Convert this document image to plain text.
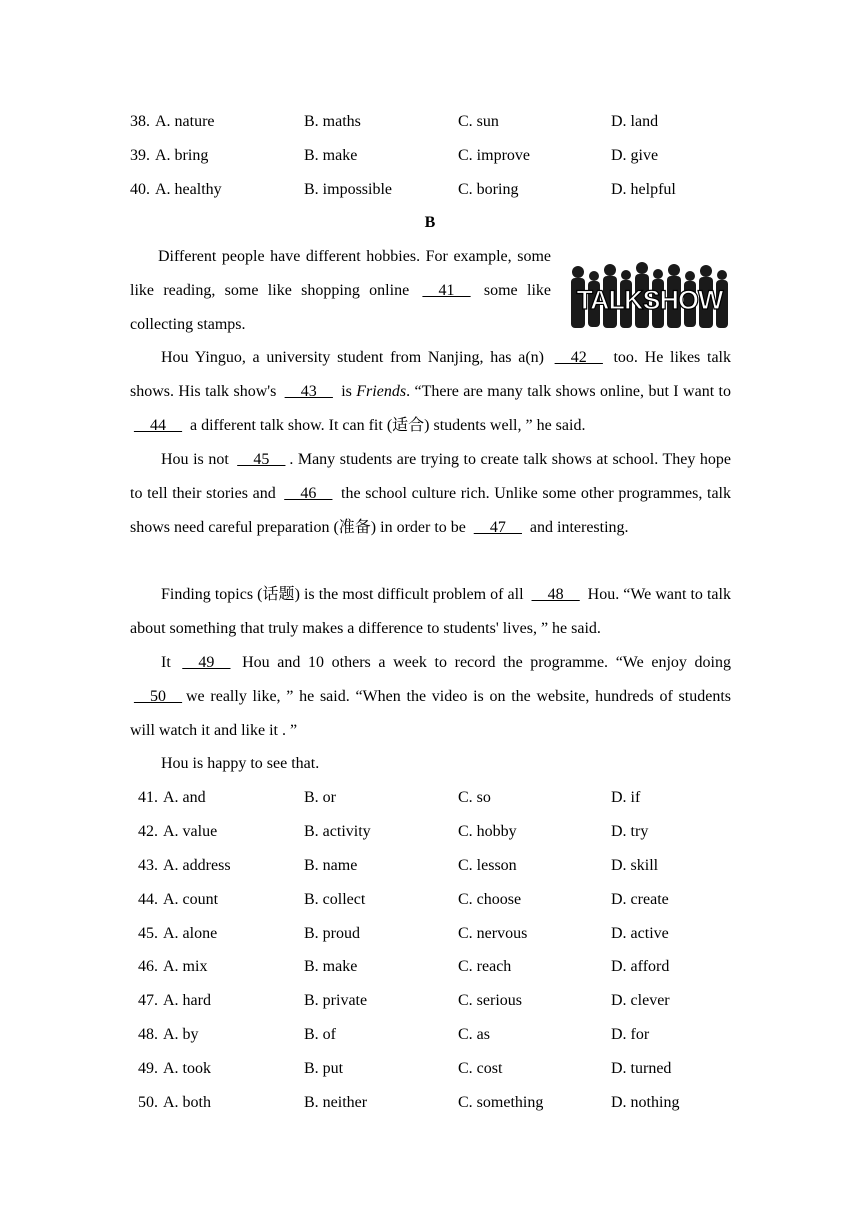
38. A. nature	B. maths	C. sun	D. land
39. A. bring	B. make	C. improve	D. give
40. A. healthy	B. impossible	C. boring	D. helpful
B
TALKSHOW

Different people have different hobbies. For example, some like reading, some like shopping online __41__ some like collecting stamps.

Hou Yinguo, a university student from Nanjing, has a(n) __42__ too. He likes talk shows. His talk show's __43__ is Friends. “There are many talk shows online, but I want to __44__ a different talk show. It can fit (适合) students well, ” he said.

Hou is not __45__ . Many students are trying to create talk shows at school. They hope to tell their stories and __46__ the school culture rich. Unlike some other programmes, talk shows need careful preparation (准备) in order to be __47__ and interesting.

Finding topics (话题) is the most difficult problem of all __48__ Hou. “We want to talk about something that truly makes a difference to students' lives, ” he said.

It __49__ Hou and 10 others a week to record the programme. “We enjoy doing __50__ we really like, ” he said. “When the video is on the website, hundreds of students will watch it and like it . ”

Hou is happy to see that.

41. A. and	B. or	C. so	D. if
42. A. value	B. activity	C. hobby	D. try
43. A. address	B. name	C. lesson	D. skill
44. A. count	B. collect	C. choose	D. create
45. A. alone	B. proud	C. nervous	D. active
46. A. mix	B. make	C. reach	D. afford
47. A. hard	B. private	C. serious	D. clever
48. A. by	B. of	C. as	D. for
49. A. took	B. put	C. cost	D. turned
50. A. both	B. neither	C. something	D. nothing
